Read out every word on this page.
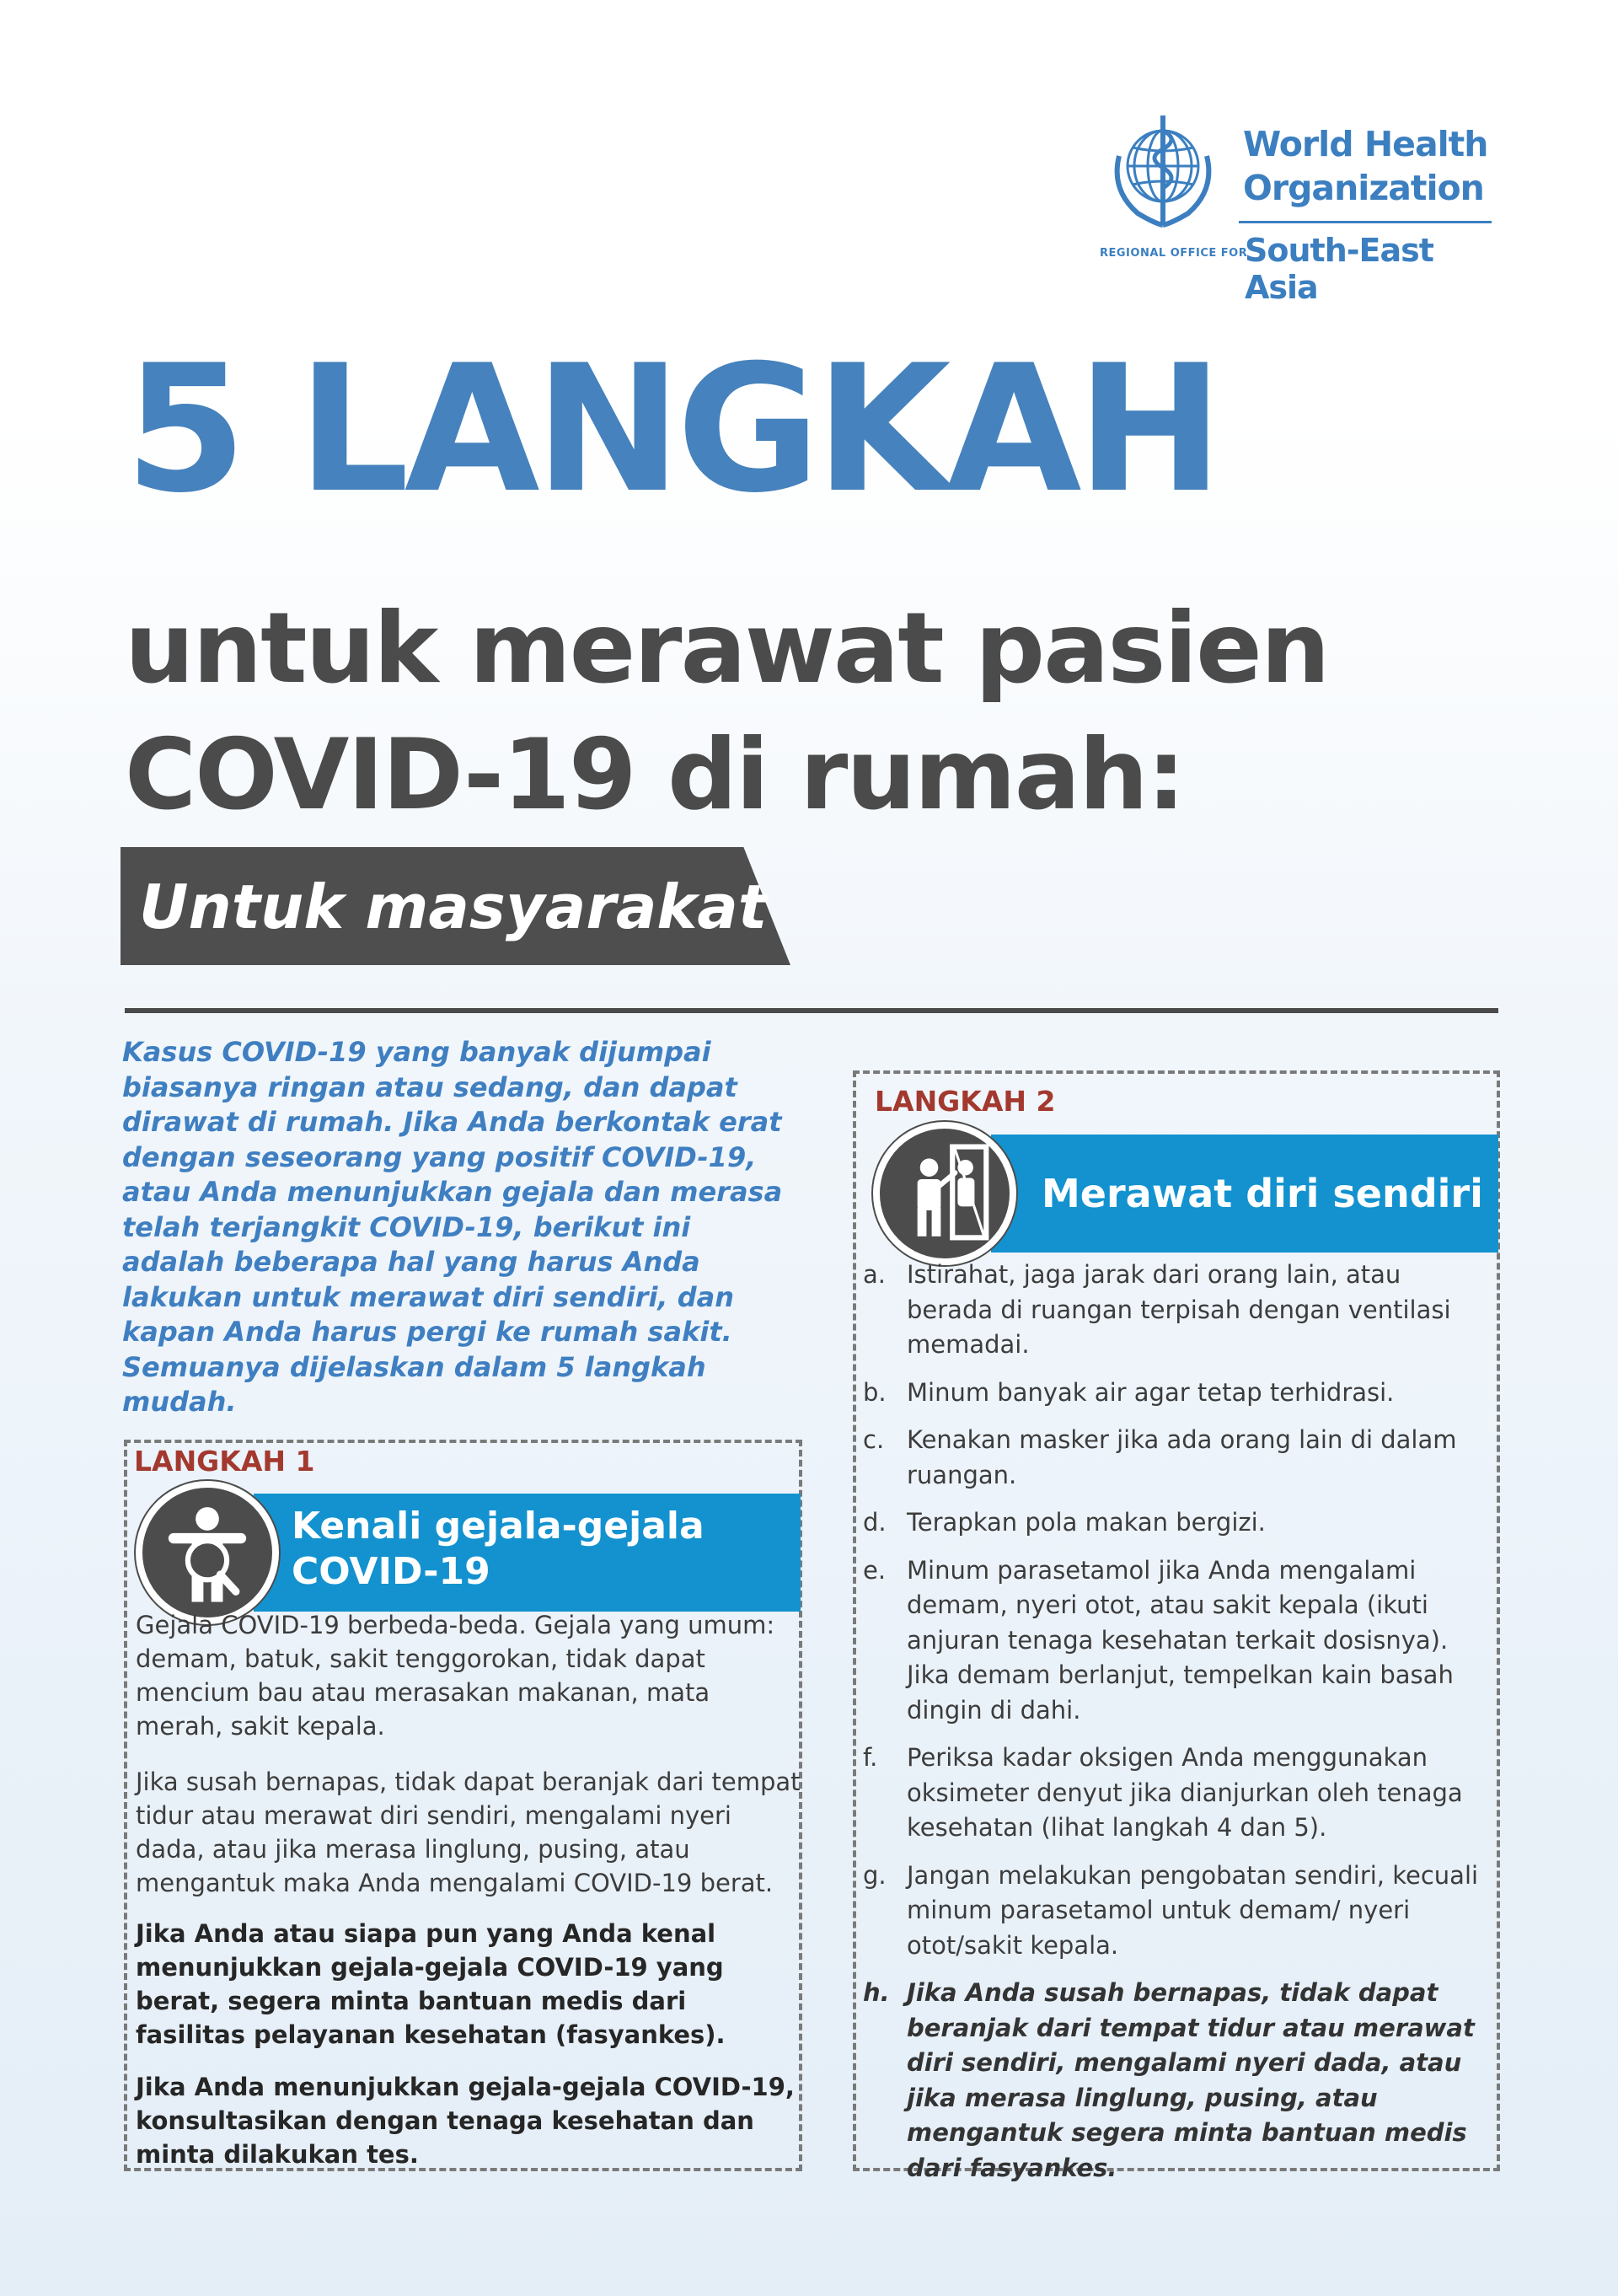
World Health
Organization
REGIONAL OFFICE FOR
South-East Asia
5 LANGKAH
untuk merawat pasien
COVID-19 di rumah:
Untuk masyarakat
Kasus COVID-19 yang banyak dijumpai biasanya ringan atau sedang, dan dapat dirawat di rumah. Jika Anda berkontak erat dengan seseorang yang positif COVID-19, atau Anda menunjukkan gejala dan merasa telah terjangkit COVID-19, berikut ini adalah beberapa hal yang harus Anda lakukan untuk merawat diri sendiri, dan kapan Anda harus pergi ke rumah sakit. Semuanya dijelaskan dalam 5 langkah mudah.
LANGKAH 1
Kenali gejala-gejala
COVID-19
Gejala COVID-19 berbeda-beda. Gejala yang umum: demam, batuk, sakit tenggorokan, tidak dapat mencium bau atau merasakan makanan, mata merah, sakit kepala.
Jika susah bernapas, tidak dapat beranjak dari tempat tidur atau merawat diri sendiri, mengalami nyeri dada, atau jika merasa linglung, pusing, atau mengantuk maka Anda mengalami COVID-19 berat.
Jika Anda atau siapa pun yang Anda kenal menunjukkan gejala-gejala COVID-19 yang berat, segera minta bantuan medis dari fasilitas pelayanan kesehatan (fasyankes).
Jika Anda menunjukkan gejala-gejala COVID-19, konsultasikan dengan tenaga kesehatan dan minta dilakukan tes.
LANGKAH 2
Merawat diri sendiri
a. Istirahat, jaga jarak dari orang lain, atau berada di ruangan terpisah dengan ventilasi memadai.
b. Minum banyak air agar tetap terhidrasi.
c. Kenakan masker jika ada orang lain di dalam ruangan.
d. Terapkan pola makan bergizi.
e. Minum parasetamol jika Anda mengalami demam, nyeri otot, atau sakit kepala (ikuti anjuran tenaga kesehatan terkait dosisnya). Jika demam berlanjut, tempelkan kain basah dingin di dahi.
f. Periksa kadar oksigen Anda menggunakan oksimeter denyut jika dianjurkan oleh tenaga kesehatan (lihat langkah 4 dan 5).
g. Jangan melakukan pengobatan sendiri, kecuali minum parasetamol untuk demam/ nyeri otot/sakit kepala.
h. Jika Anda susah bernapas, tidak dapat beranjak dari tempat tidur atau merawat diri sendiri, mengalami nyeri dada, atau jika merasa linglung, pusing, atau mengantuk segera minta bantuan medis dari fasyankes.
